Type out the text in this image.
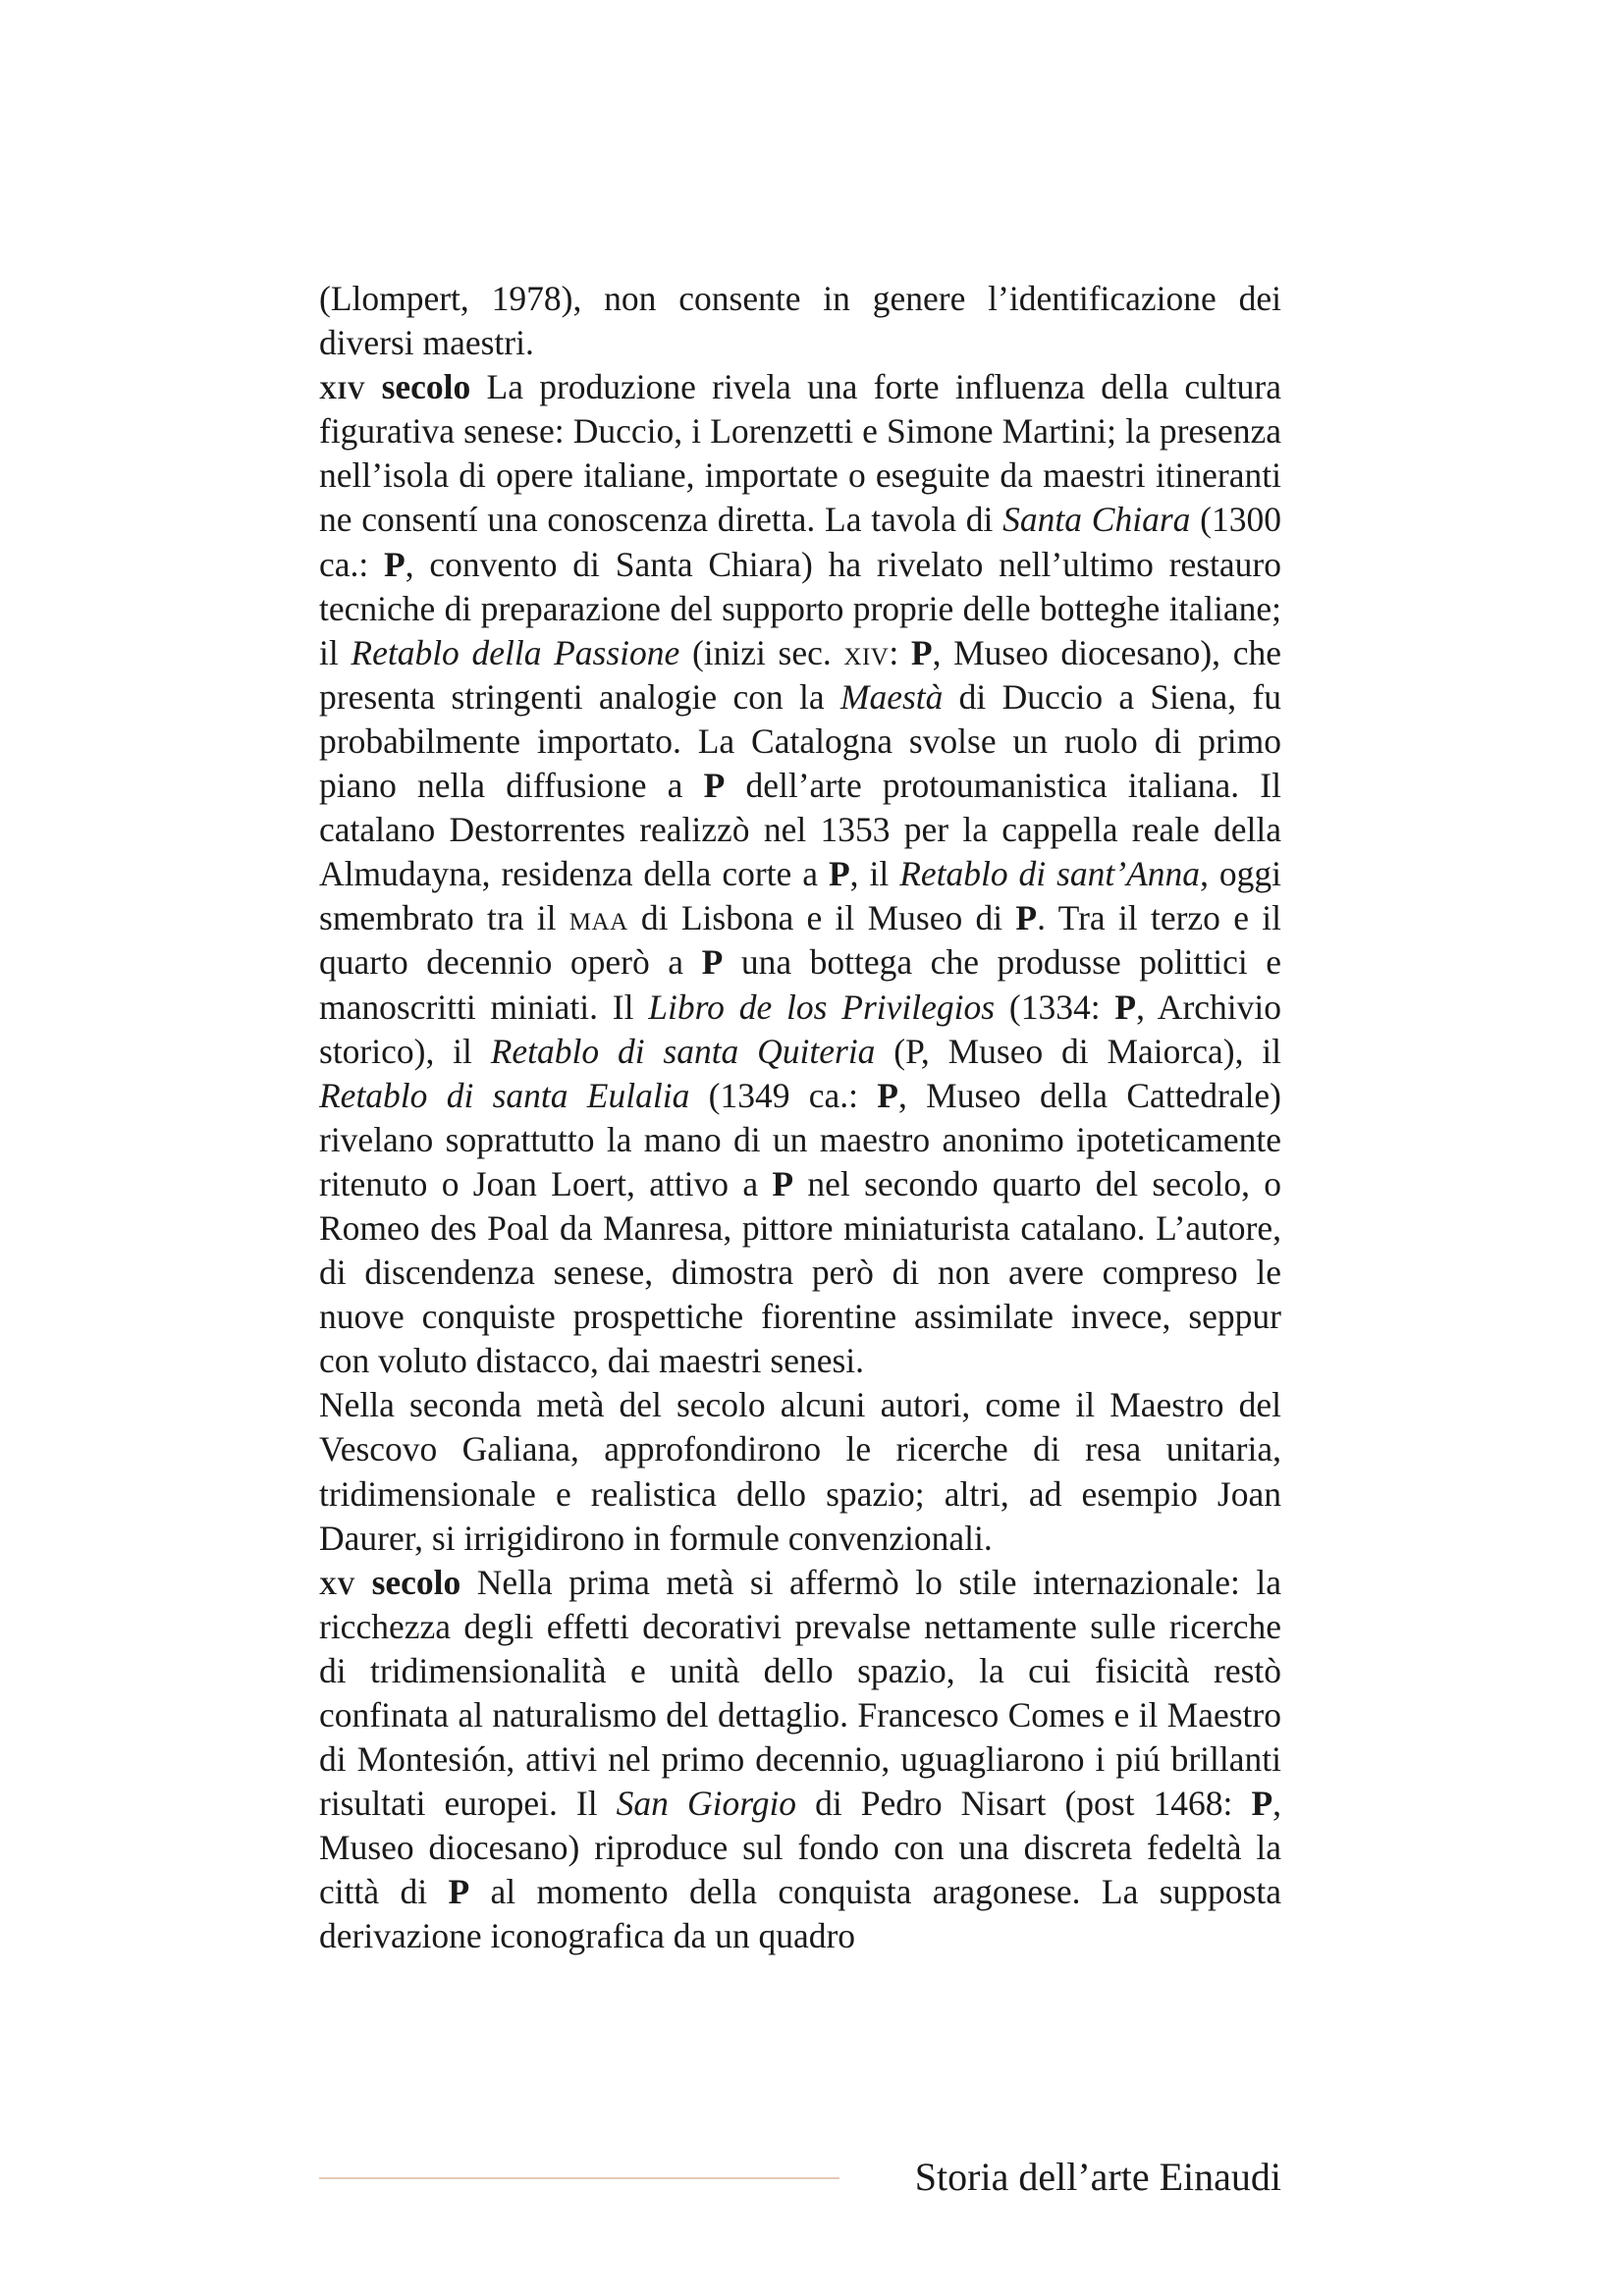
(Llompert, 1978), non consente in genere l’identificazione dei diversi maestri.

xiv secolo La produzione rivela una forte influenza della cultura figurativa senese: Duccio, i Lorenzetti e Simone Martini; la presenza nell’isola di opere italiane, importate o eseguite da maestri itineranti ne consentí una conoscenza diretta. La tavola di Santa Chiara (1300 ca.: P, convento di Santa Chiara) ha rivelato nell’ultimo restauro tecniche di preparazione del supporto proprie delle botteghe italiane; il Retablo della Passione (inizi sec. xiv: P, Museo diocesano), che presenta stringenti analogie con la Maestà di Duccio a Siena, fu probabilmente importato. La Catalogna svolse un ruolo di primo piano nella diffusione a P dell’arte protoumanistica italiana. Il catalano Destorrentes realizzò nel 1353 per la cappella reale della Almudayna, residenza della corte a P, il Retablo di sant’Anna, oggi smembrato tra il maa di Lisbona e il Museo di P. Tra il terzo e il quarto decennio operò a P una bottega che produsse polittici e manoscritti miniati. Il Libro de los Privilegios (1334: P, Archivio storico), il Retablo di santa Quiteria (P, Museo di Maiorca), il Retablo di santa Eulalia (1349 ca.: P, Museo della Cattedrale) rivelano soprattutto la mano di un maestro anonimo ipoteticamente ritenuto o Joan Loert, attivo a P nel secondo quarto del secolo, o Romeo des Poal da Manresa, pittore miniaturista catalano. L’autore, di discendenza senese, dimostra però di non avere compreso le nuove conquiste prospettiche fiorentine assimilate invece, seppur con voluto distacco, dai maestri senesi.

Nella seconda metà del secolo alcuni autori, come il Maestro del Vescovo Galiana, approfondirono le ricerche di resa unitaria, tridimensionale e realistica dello spazio; altri, ad esempio Joan Daurer, si irrigidirono in formule convenzionali.

xv secolo Nella prima metà si affermò lo stile internazionale: la ricchezza degli effetti decorativi prevalse nettamente sulle ricerche di tridimensionalità e unità dello spazio, la cui fisicità restò confinata al naturalismo del dettaglio. Francesco Comes e il Maestro di Montesión, attivi nel primo decennio, uguagliarono i piú brillanti risultati europei. Il San Giorgio di Pedro Nisart (post 1468: P, Museo diocesano) riproduce sul fondo con una discreta fedeltà la città di P al momento della conquista aragonese. La supposta derivazione iconografica da un quadro

Storia dell’arte Einaudi
